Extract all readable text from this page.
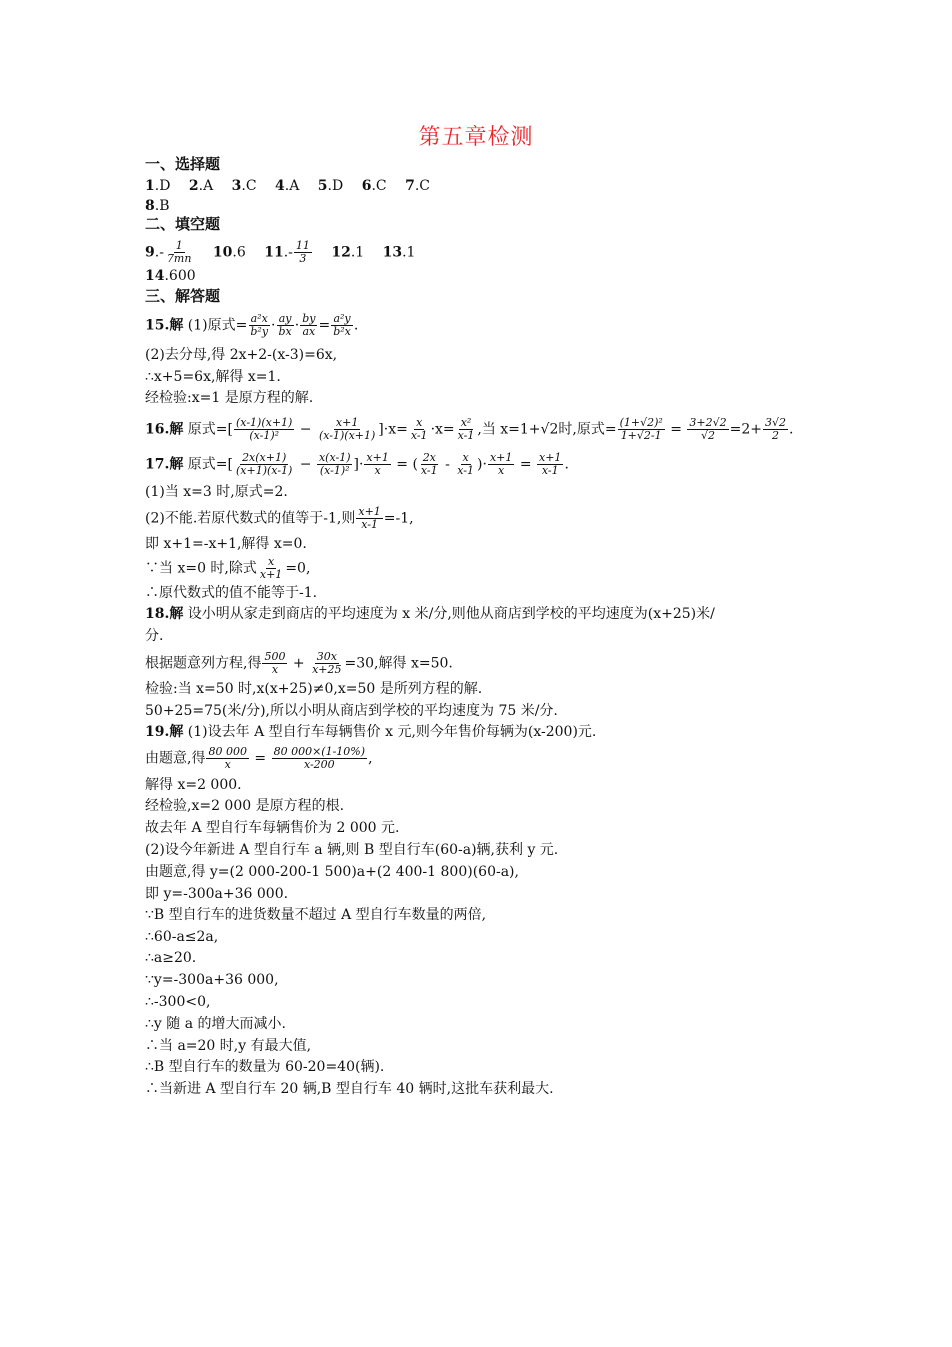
第五章检测
一、选择题
1.D 2.A 3.C 4.A 5.D 6.C 7.C
8.B
二、填空题
$9.- \frac{1}{7mn} 10.6$ $11.- \frac{11}{3} 12.1$ 13.1
14.600
三、解答题
15.解 (1)原式= $\frac{\text{a²x}}{\text{b²y}} \cdot \frac{ay}{bx} \cdot \frac{by}{ax} = \frac{\text{a²y}}{\text{b²x}}$ .
(2)去分母,得 2x+2-(x-3)=6x,
∴x+5=6x,解得 x=1.
经检验:x=1 是原方程的解.
16.解 原式=[ $\frac{(x-1)(x+1)}{\text{(x-1)²}} - \frac{x+1}{(x-1)(x+1)} ]\cdot x= \frac{x}{x-1} \cdot x= \frac{\text{x²}}{x-1}$ ,当 x=1+√2时,原式= $\frac{\text{(1+√2)²}}{1+√2-1} = \frac{3+2√2}{√2} =2+ \frac{3√2}{2}$ .
17.解 原式=[ $\frac{2x(x+1)}{(x+1)(x-1)} - \frac{x(x-1)}{\text{(x-1)²}}$ ]· $\frac{x+1}{x}$ = ( $\frac{2x}{x-1} - \frac{x}{x-1}$ )· $\frac{x+1}{x} = \frac{x+1}{x-1}$ .
(1)当 x=3 时,原式=2.
(2)不能.若原代数式的值等于-1,则 $\frac{x+1}{x-1} =-1$,
即 x+1=-x+1,解得 x=0.
∵当 x=0 时,除式 $\frac{x}{x+1} =0$,
∴原代数式的值不能等于-1.
18.解 设小明从家走到商店的平均速度为 x 米/分,则他从商店到学校的平均速度为(x+25)米/
分.
根据题意列方程,得 $\frac{500}{x} + \frac{30x}{x+25} =30$,解得 x=50.
检验:当 x=50 时,x(x+25)≠0,x=50 是所列方程的解.
50+25=75(米/分),所以小明从商店到学校的平均速度为 75 米/分.
19.解 (1)设去年 A 型自行车每辆售价 x 元,则今年售价每辆为(x-200)元.
由题意,得 $\frac{80 000}{x} = \frac{80 000\times(1-10\%)}{x-200}$ ,
解得 x=2 000.
经检验,x=2 000 是原方程的根.
故去年 A 型自行车每辆售价为 2 000 元.
(2)设今年新进 A 型自行车 a 辆,则 B 型自行车(60-a)辆,获利 y 元.
由题意,得 y=(2 000-200-1 500)a+(2 400-1 800)(60-a),
即 y=-300a+36 000.
∵B 型自行车的进货数量不超过 A 型自行车数量的两倍,
∴60-a≤2a,
∴a≥20.
∵y=-300a+36 000,
∴-300<0,
∴y 随 a 的增大而减小.
∴当 a=20 时,y 有最大值,
∴B 型自行车的数量为 60-20=40(辆).
∴当新进 A 型自行车 20 辆,B 型自行车 40 辆时,这批车获利最大.
